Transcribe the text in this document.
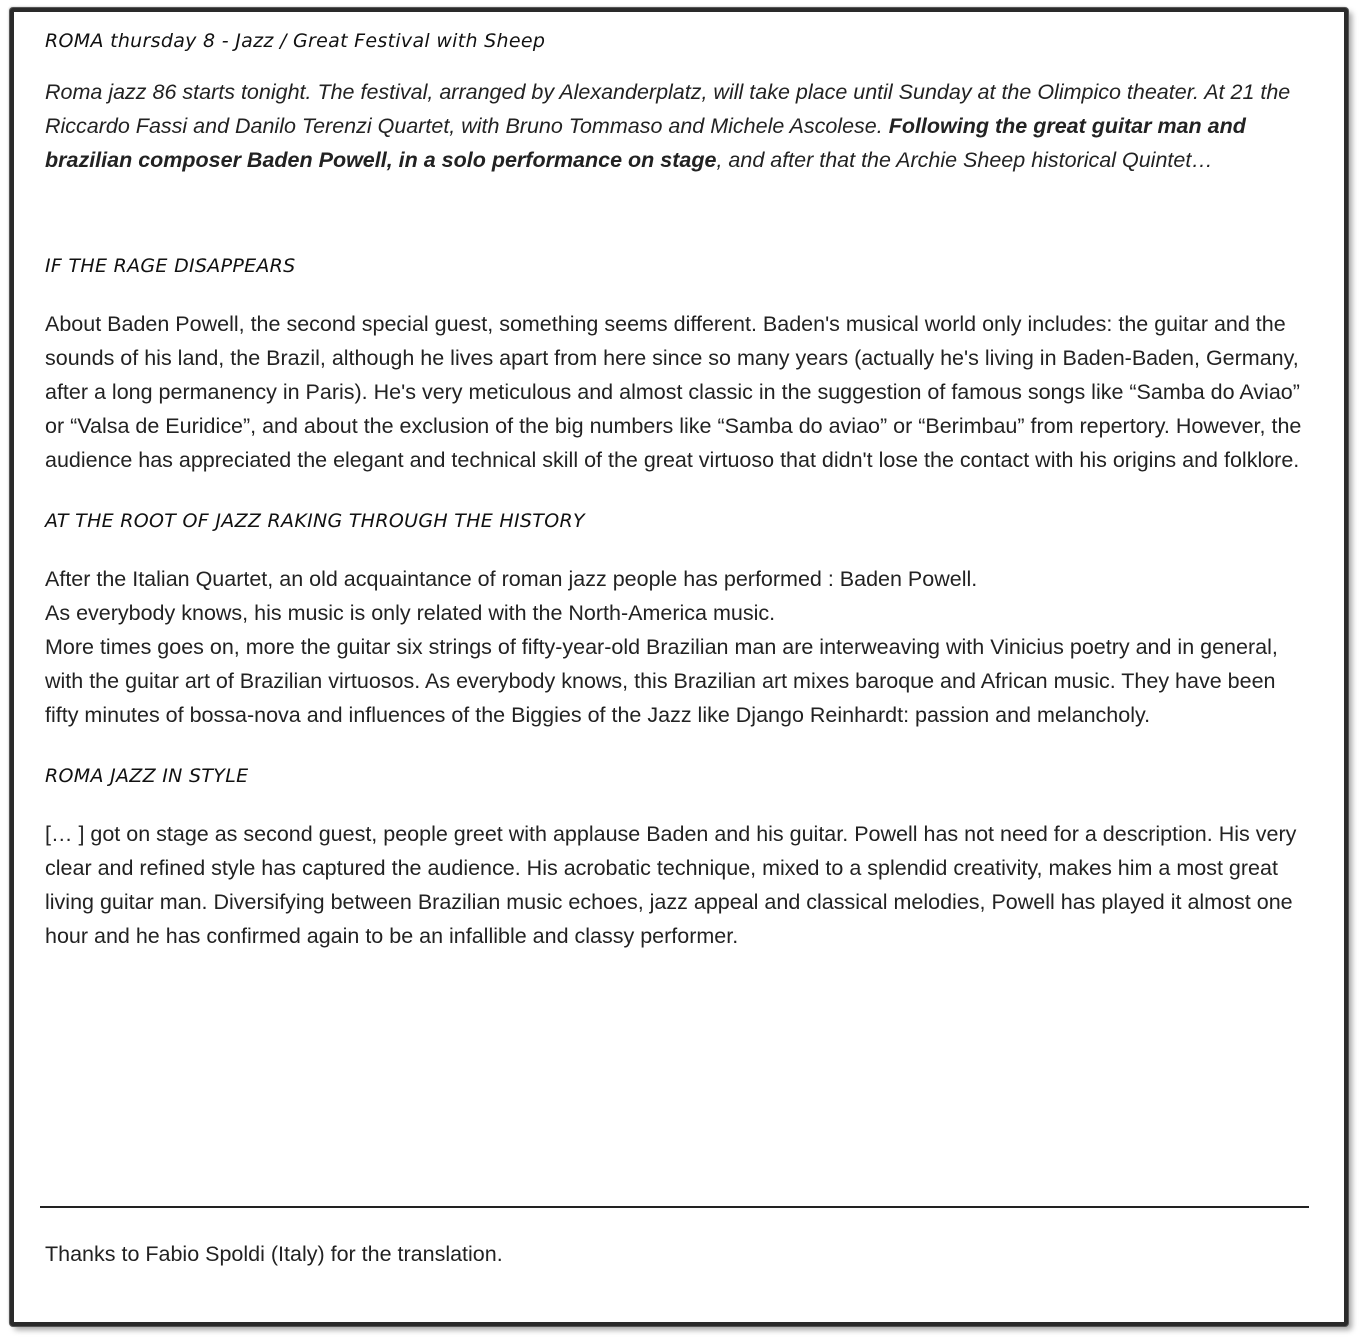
ROMA thursday 8 - Jazz / Great Festival with Sheep

Roma jazz 86 starts tonight. The festival, arranged by Alexanderplatz, will take place until Sunday at the Olimpico theater. At 21 the Riccardo Fassi and Danilo Terenzi Quartet, with Bruno Tommaso and Michele Ascolese. Following the great guitar man and brazilian composer Baden Powell, in a solo performance on stage, and after that the Archie Sheep historical Quintet…

IF THE RAGE DISAPPEARS

About Baden Powell, the second special guest, something seems different. Baden's musical world only includes: the guitar and the sounds of his land, the Brazil, although he lives apart from here since so many years (actually he's living in Baden-Baden, Germany, after a long permanency in Paris). He's very meticulous and almost classic in the suggestion of famous songs like “Samba do Aviao” or “Valsa de Euridice”, and about the exclusion of the big numbers like “Samba do aviao” or “Berimbau” from repertory. However, the audience has appreciated the elegant and technical skill of the great virtuoso that didn't lose the contact with his origins and folklore.

AT THE ROOT OF JAZZ RAKING THROUGH THE HISTORY

After the Italian Quartet, an old acquaintance of roman jazz people has performed : Baden Powell.
As everybody knows, his music is only related with the North-America music.
More times goes on, more the guitar six strings of fifty-year-old Brazilian man are interweaving with Vinicius poetry and in general, with the guitar art of Brazilian virtuosos. As everybody knows, this Brazilian art mixes baroque and African music. They have been fifty minutes of bossa-nova and influences of the Biggies of the Jazz like Django Reinhardt: passion and melancholy.

ROMA JAZZ IN STYLE

[… ] got on stage as second guest, people greet with applause Baden and his guitar. Powell has not need for a description. His very clear and refined style has captured the audience. His acrobatic technique, mixed to a splendid creativity, makes him a most great living guitar man. Diversifying between Brazilian music echoes, jazz appeal and classical melodies, Powell has played it almost one hour and he has confirmed again to be an infallible and classy performer.

Thanks to Fabio Spoldi (Italy) for the translation.
